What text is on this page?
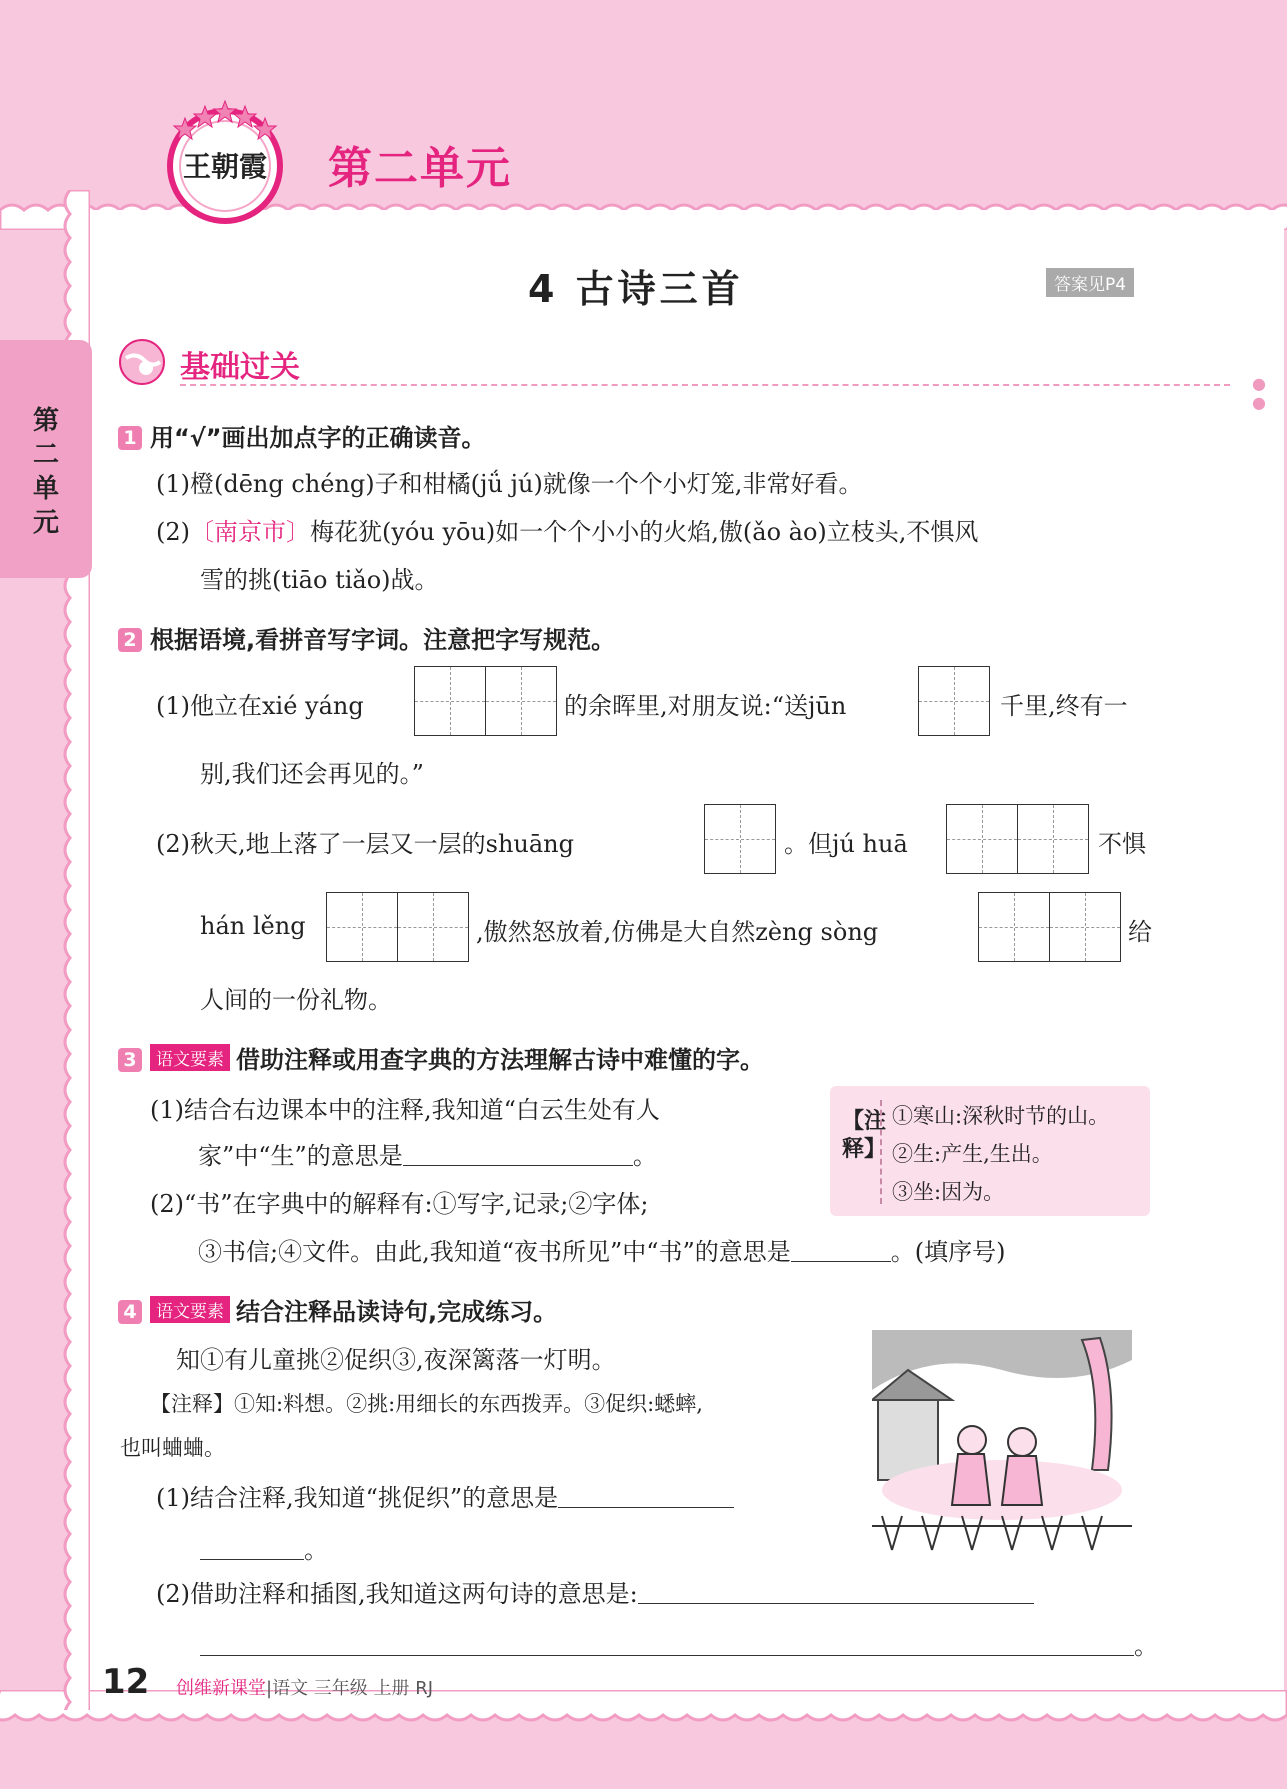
王朝霞 第二单元
第二单元
4 古诗三首	答案见P4
基础过关	● ●
1 用“√”画出加点字的正确读音。
(1)橙(dēng chéng)子和柑橘(jǘ jú)就像一个个小灯笼,非常好看。
(2)〔南京市〕梅花犹(yóu yōu)如一个个小小的火焰,傲(ǎo ào)立枝头,不惧风
雪的挑(tiāo tiǎo)战。
2 根据语境,看拼音写字词。注意把字写规范。
(1)他立在xié yáng	的余晖里,对朋友说:“送jūn	千里,终有一
别,我们还会再见的。”
(2)秋天,地上落了一层又一层的shuāng	。但jú huā	不惧
hán lěng	,傲然怒放着,仿佛是大自然zèng sòng	给
人间的一份礼物。
3 语文要素 借助注释或用查字典的方法理解古诗中难懂的字。
(1)结合右边课本中的注释,我知道“白云生处有人
家”中“生”的意思是	。
(2)“书”在字典中的解释有:①写字,记录;②字体;
③书信;④文件。由此,我知道“夜书所见”中“书”的意思是	。(填序号)
【注释】
①寒山:深秋时节的山。
②生:产生,生出。
③坐:因为。
4 语文要素 结合注释品读诗句,完成练习。
知①有儿童挑②促织③,夜深篱落一灯明。
【注释】①知:料想。②挑:用细长的东西拨弄。③促织:蟋蟀,
也叫蛐蛐。
(1)结合注释,我知道“挑促织”的意思是
。
(2)借助注释和插图,我知道这两句诗的意思是:
。
12 创维新课堂|语文 三年级 上册 RJ
